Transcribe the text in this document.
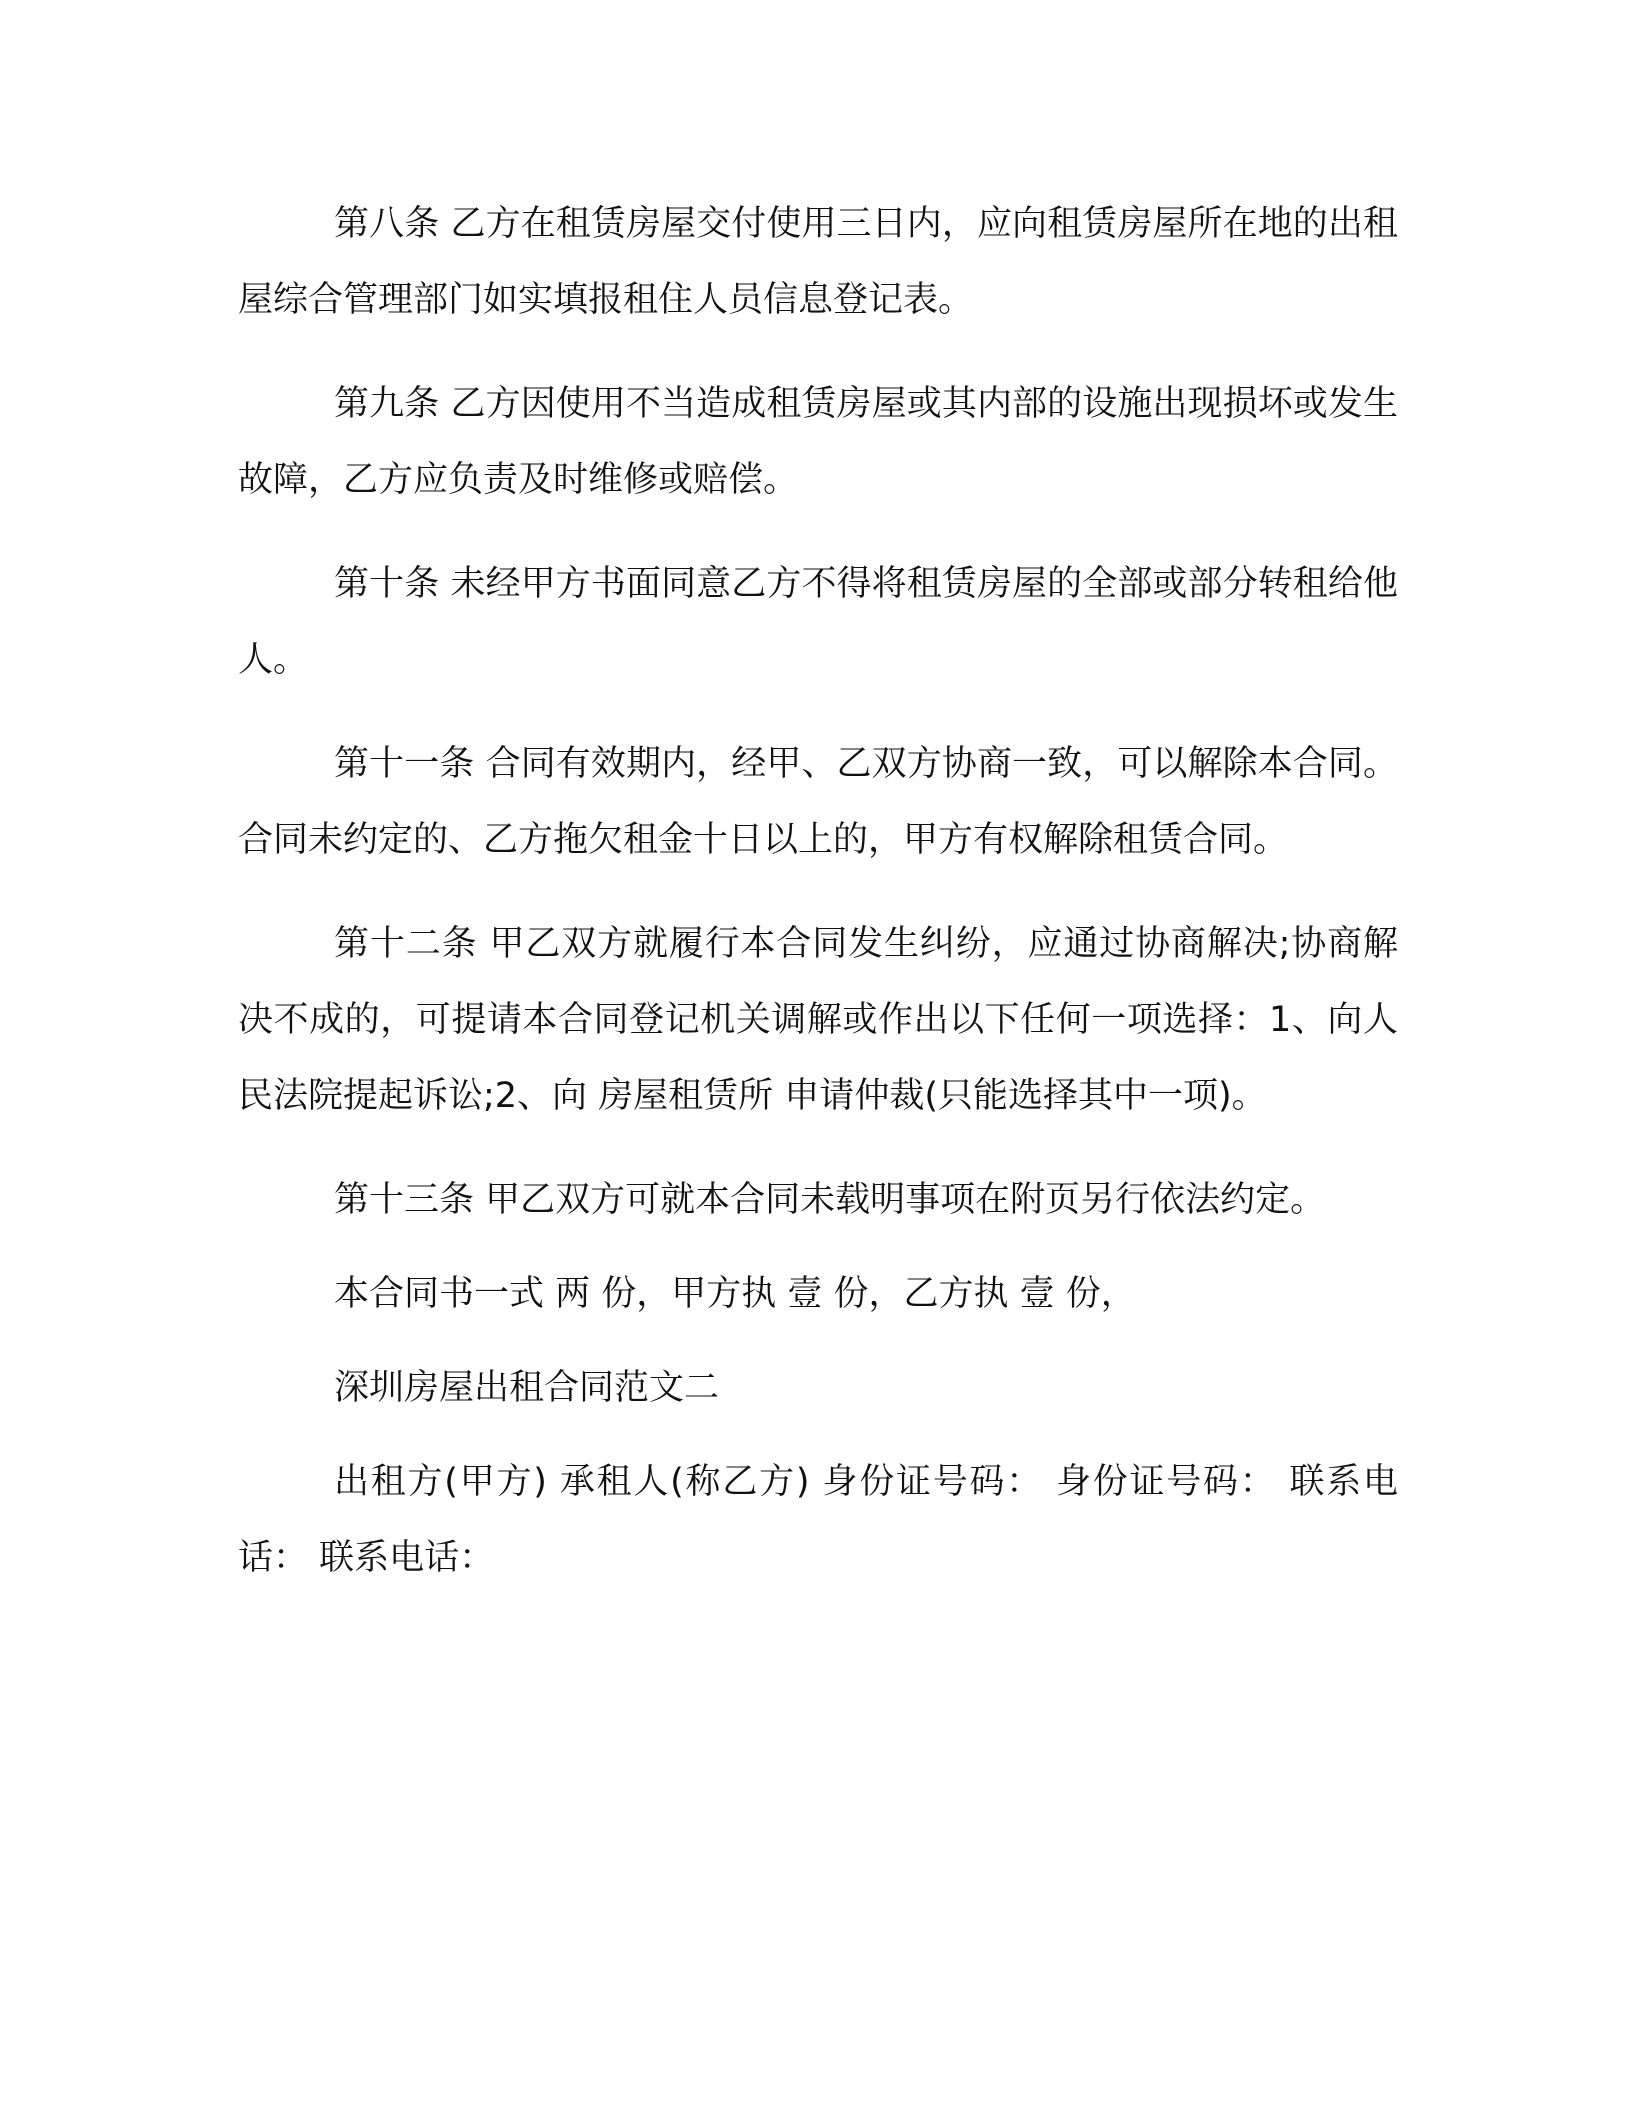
第八条 乙方在租赁房屋交付使用三日内，应向租赁房屋所在地的出租屋综合管理部门如实填报租住人员信息登记表。

第九条 乙方因使用不当造成租赁房屋或其内部的设施出现损坏或发生故障，乙方应负责及时维修或赔偿。

第十条 未经甲方书面同意乙方不得将租赁房屋的全部或部分转租给他人。

第十一条 合同有效期内，经甲、乙双方协商一致，可以解除本合同。合同未约定的、乙方拖欠租金十日以上的，甲方有权解除租赁合同。

第十二条 甲乙双方就履行本合同发生纠纷，应通过协商解决;协商解决不成的，可提请本合同登记机关调解或作出以下任何一项选择：1、向人民法院提起诉讼;2、向 房屋租赁所 申请仲裁(只能选择其中一项)。

第十三条 甲乙双方可就本合同未载明事项在附页另行依法约定。

本合同书一式 两 份，甲方执 壹 份，乙方执 壹 份，

深圳房屋出租合同范文二

出租方(甲方) 承租人(称乙方) 身份证号码： 身份证号码： 联系电话： 联系电话：
